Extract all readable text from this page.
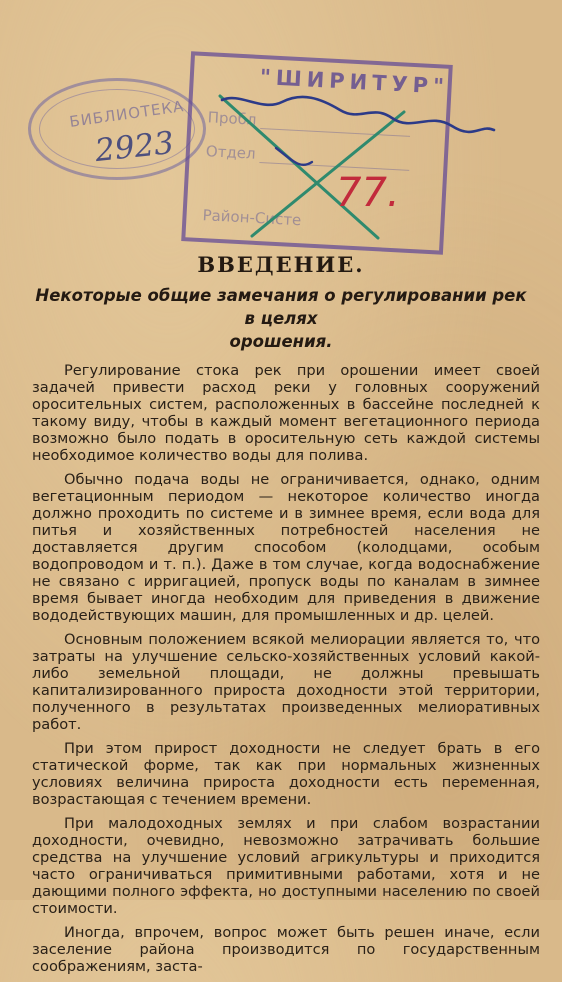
БИБЛИОТЕКА
2923
"ШИРИТУР"
Пробл
Отдел
Район-Систе
77.
ВВЕДЕНИЕ.
Некоторые общие замечания о регулировании рек в целях
орошения.

Регулирование стока рек при орошении имеет своей задачей привести расход реки у головных сооружений оросительных систем, расположенных в бассейне последней к такому виду, чтобы в каждый момент вегетационного периода возможно было подать в оросительную сеть каждой системы необходимое количество воды для полива.

Обычно подача воды не ограничивается, однако, одним вегетационным периодом — некоторое количество иногда должно проходить по системе и в зимнее время, если вода для питья и хозяйственных потребностей населения не доставляется другим способом (колодцами, особым водопроводом и т. п.). Даже в том случае, когда водоснабжение не связано с ирригацией, пропуск воды по каналам в зимнее время бывает иногда необходим для приведения в движение вододействующих машин, для промышленных и др. целей.

Основным положением всякой мелиорации является то, что затраты на улучшение сельско-хозяйственных условий какой-либо земельной площади, не должны превышать капитализированного прироста доходности этой территории, полученного в результатах произведенных мелиоративных работ.

При этом прирост доходности не следует брать в его статической форме, так как при нормальных жизненных условиях величина прироста доходности есть переменная, возрастающая с течением времени.

При малодоходных землях и при слабом возрастании доходности, очевидно, невозможно затрачивать большие средства на улучшение условий агрикультуры и приходится часто ограничиваться примитивными работами, хотя и не дающими полного эффекта, но доступными населению по своей стоимости.

Иногда, впрочем, вопрос может быть решен иначе, если заселение района производится по государственным соображениям, заста-
